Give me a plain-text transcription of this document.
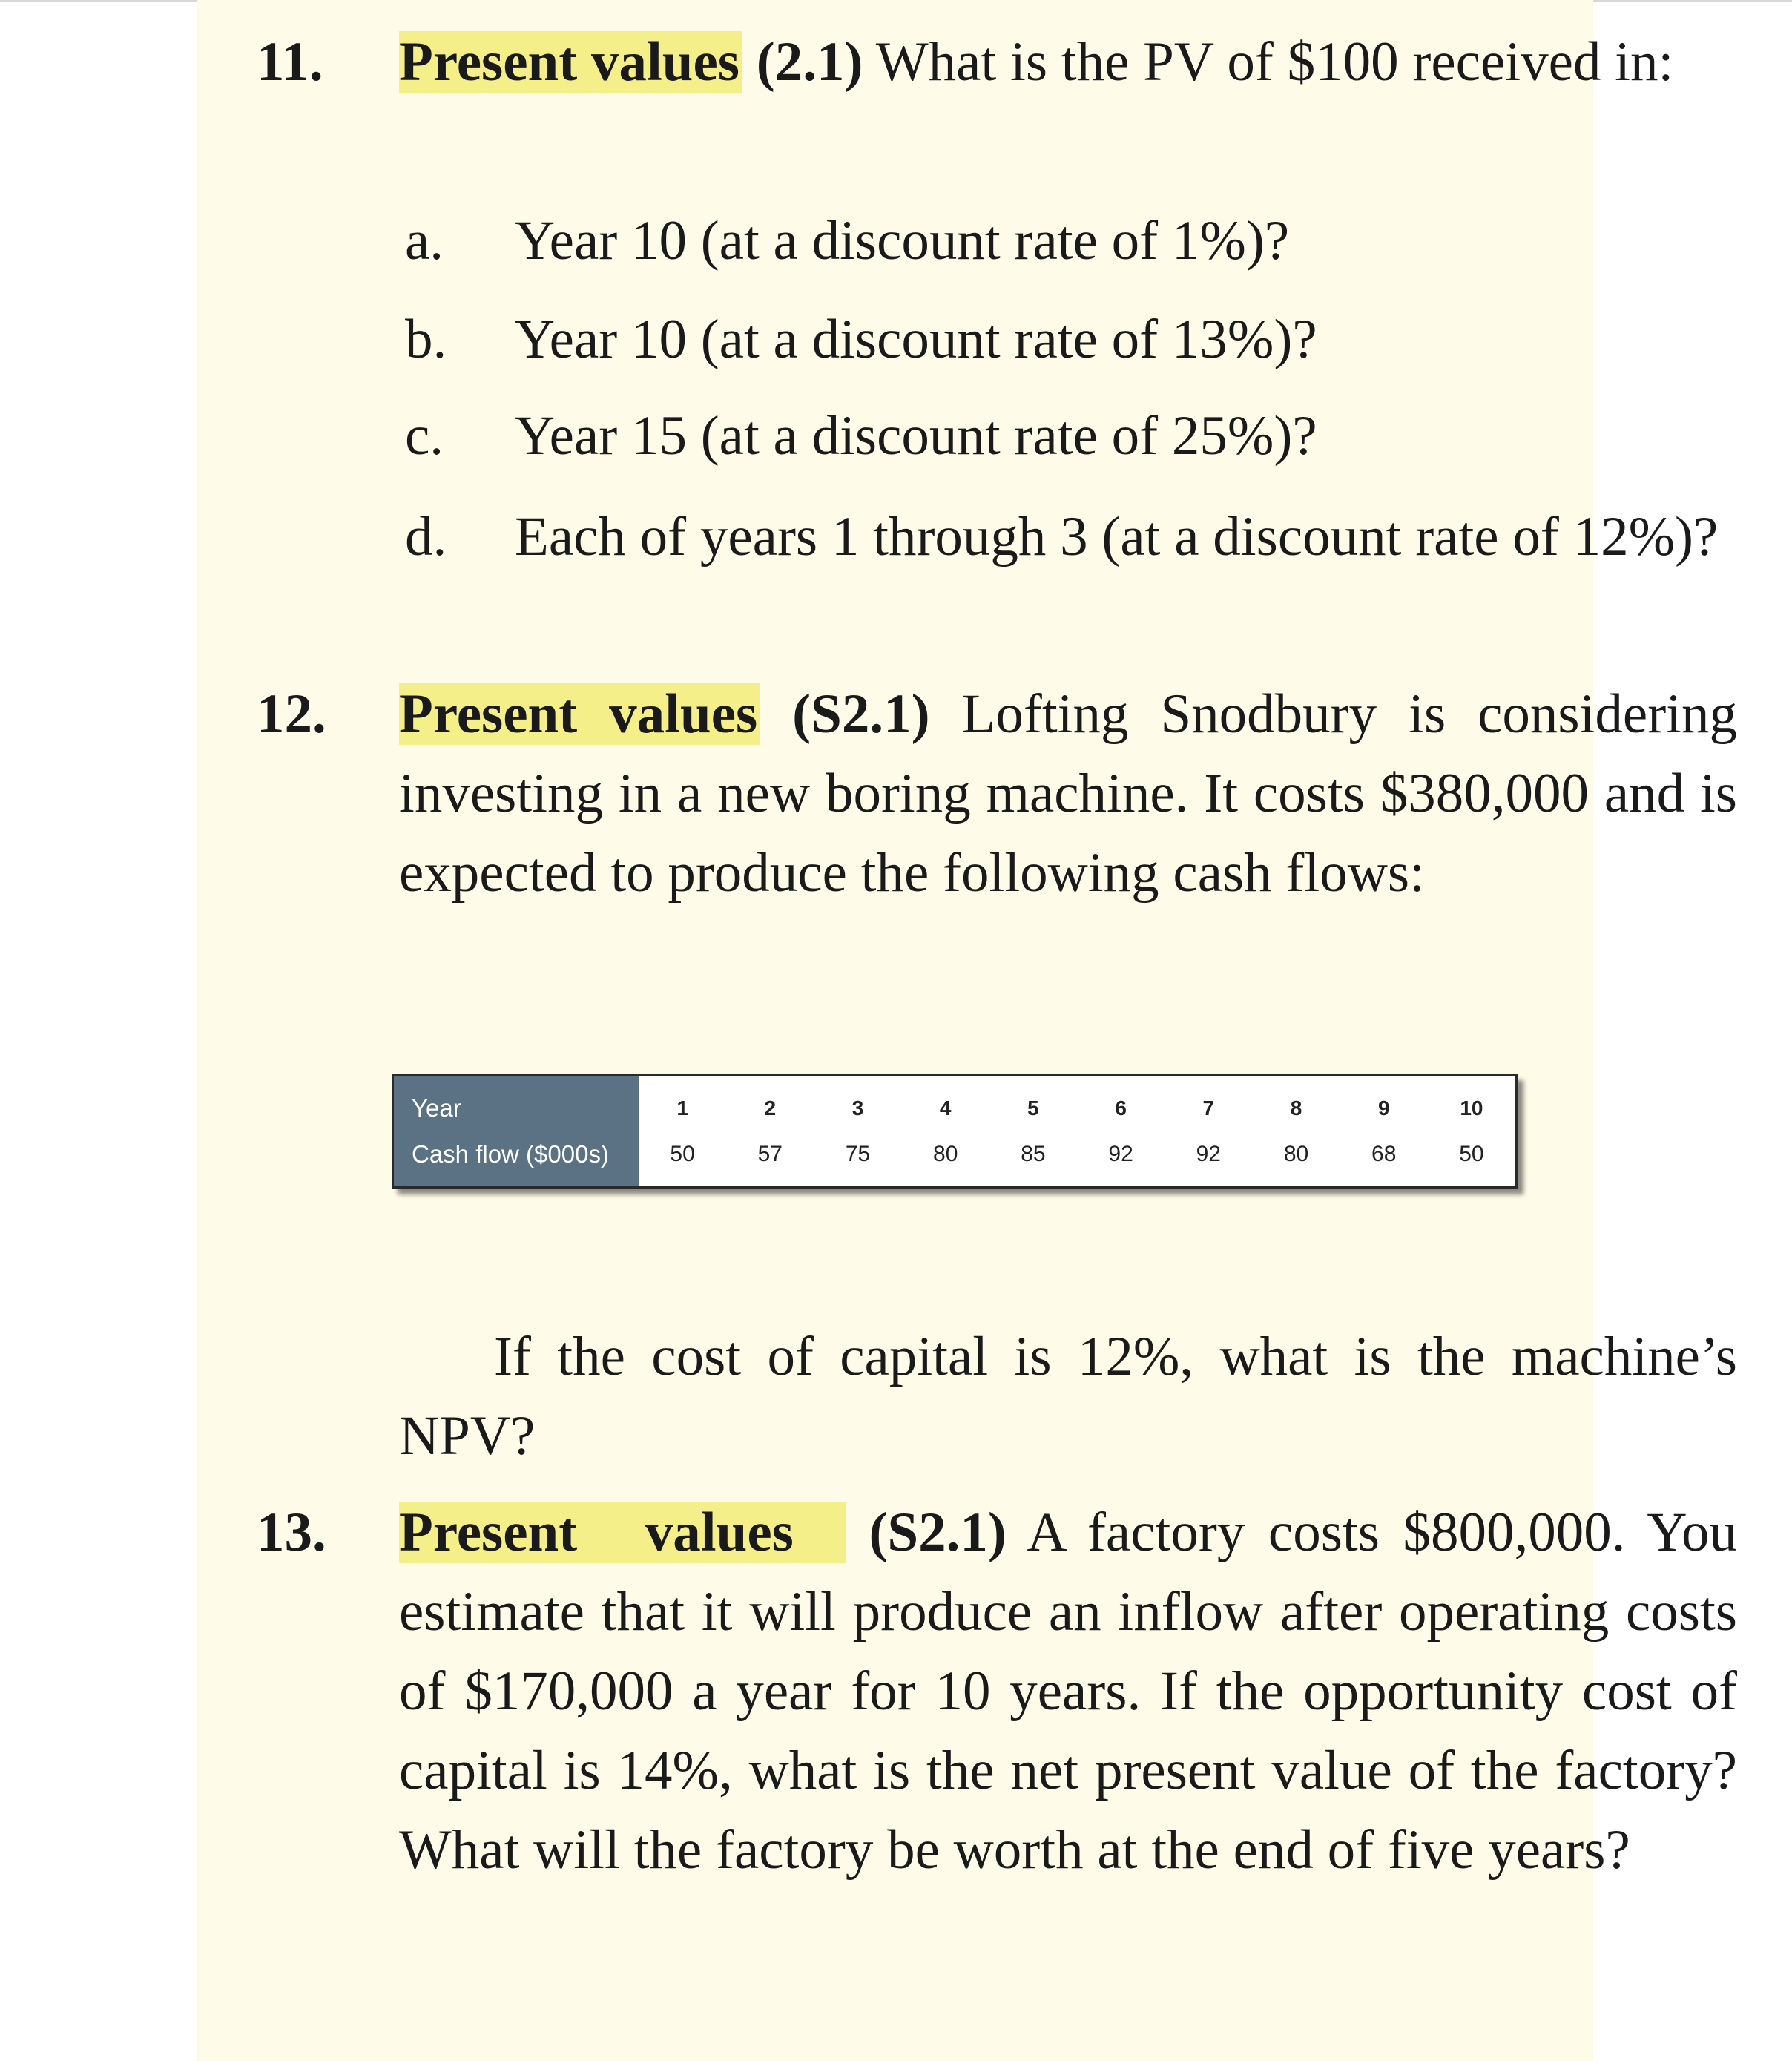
11. Present values (2.1) What is the PV of $100 received in:
a. Year 10 (at a discount rate of 1%)?
b. Year 10 (at a discount rate of 13%)?
c. Year 15 (at a discount rate of 25%)?
d. Each of years 1 through 3 (at a discount rate of 12%)?
12. Present values (S2.1) Lofting Snodbury is considering investing in a new boring machine. It costs $380,000 and is expected to produce the following cash flows:
Year
Cash flow ($000s)
1
50
2
57
3
75
4
80
5
85
6
92
7
92
8
80
9
68
10
50
If the cost of capital is 12%, what is the machine’s NPV?
13. Present values (S2.1) A factory costs $800,000. You estimate that it will produce an inflow after operating costs of $170,000 a year for 10 years. If the opportunity cost of capital is 14%, what is the net present value of the factory? What will the factory be worth at the end of five years?
